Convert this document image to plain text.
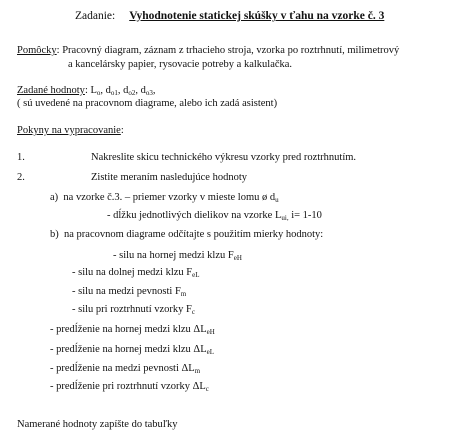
Zadanie: Vyhodnotenie statickej skúšky v ťahu na vzorke č. 3
Pomôcky: Pracovný diagram, záznam z trhacieho stroja, vzorka po roztrhnutí, milimetrový
a kancelársky papier, rysovacie potreby a kalkulačka.
Zadané hodnoty: $L_o$, $d_{o1}$, $d_{o2}$, $d_{o3}$,
( sú uvedené na pracovnom diagrame, alebo ich zadá asistent)
Pokyny na vypracovanie:
1.	Nakreslite skicu technického výkresu vzorky pred roztrhnutím.
2.	Zistite meraním nasledujúce hodnoty
a) na vzorke č.3. – priemer vzorky v mieste lomu ø $d_u$
- dĺžku jednotlivých dielikov na vzorke $L_{ui,}$ i= 1-10
b) na pracovnom diagrame odčítajte s použitím mierky hodnoty:
- silu na hornej medzi klzu $F_{eH}$
- silu na dolnej medzi klzu $F_{eL}$
- silu na medzi pevnosti $F_m$
- silu pri roztrhnutí vzorky $F_c$
- predĺženie na hornej medzi klzu $\Delta L_{eH}$
- predĺženie na hornej medzi klzu $\Delta L_{eL}$
- predĺženie na medzi pevnosti $\Delta L_m$
- predĺženie pri roztrhnutí vzorky $\Delta L_c$
Namerané hodnoty zapíšte do tabuľky
